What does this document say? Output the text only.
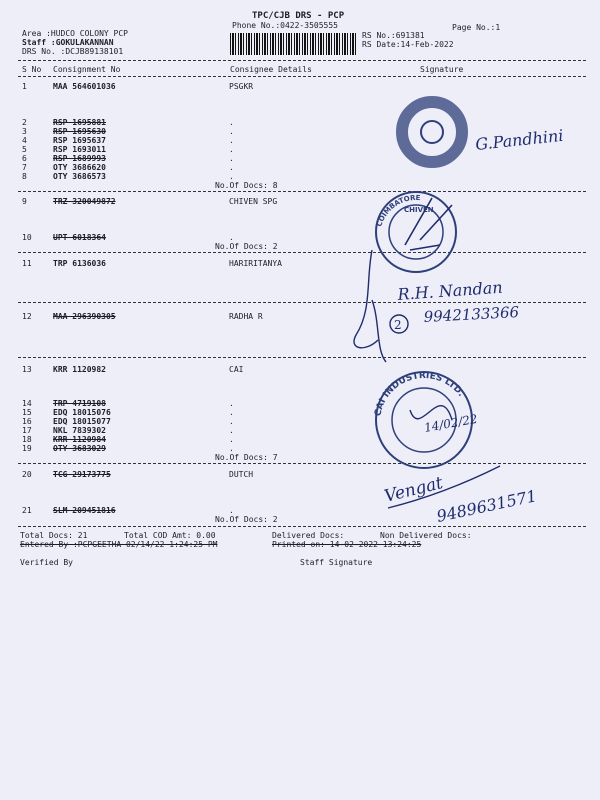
TPC/CJB DRS - PCP
Phone No.:0422-3505555	Page No.:1
Area :HUDCO COLONY PCP
Staff :GOKULAKANNAN
DRS No. :DCJB89138101
RS No.:691381
RS Date:14-Feb-2022
S No Consignment No	Consignee Details	Signature
1	MAA 564601036	PSGKR
2	RSP 1695881	.
3	RSP 1695630	.
4	RSP 1695637	.
5	RSP 1693011	.
6	RSP 1689993	.
7	OTY 3686620	.
8	OTY 3686573	.
No.Of Docs: 8
9	TRZ 320049872	CHIVEN SPG
10	UPT 6018364	.
No.Of Docs: 2
11	TRP 6136036	HARIRITANYA
12	MAA 296390305	RADHA R
13	KRR 1120982	CAI
14	TRP 4719108	.
15	EDQ 18015076	.
16	EDQ 18015077	.
17	NKL 7839302	.
18	KRR 1120984	.
19	OTY 3683029	.
No.Of Docs: 7
20	TCG 29173775	DUTCH
21	SLM 209451816	.
No.Of Docs: 2
Total Docs: 21	Total COD Amt: 0.00	Delivered Docs:	Non Delivered Docs:
Entered By :PCPGEETHA 02/14/22 1:24:25 PM	Printed on: 14-02-2022 13:24:25
Verified By	Staff Signature
G.Pandhini
COIMBATORE
CHIVEN
R.H. Nandan
2 9942133366
CAI INDUSTRIES LTD.
14/02/22
Vengat
9489631571
